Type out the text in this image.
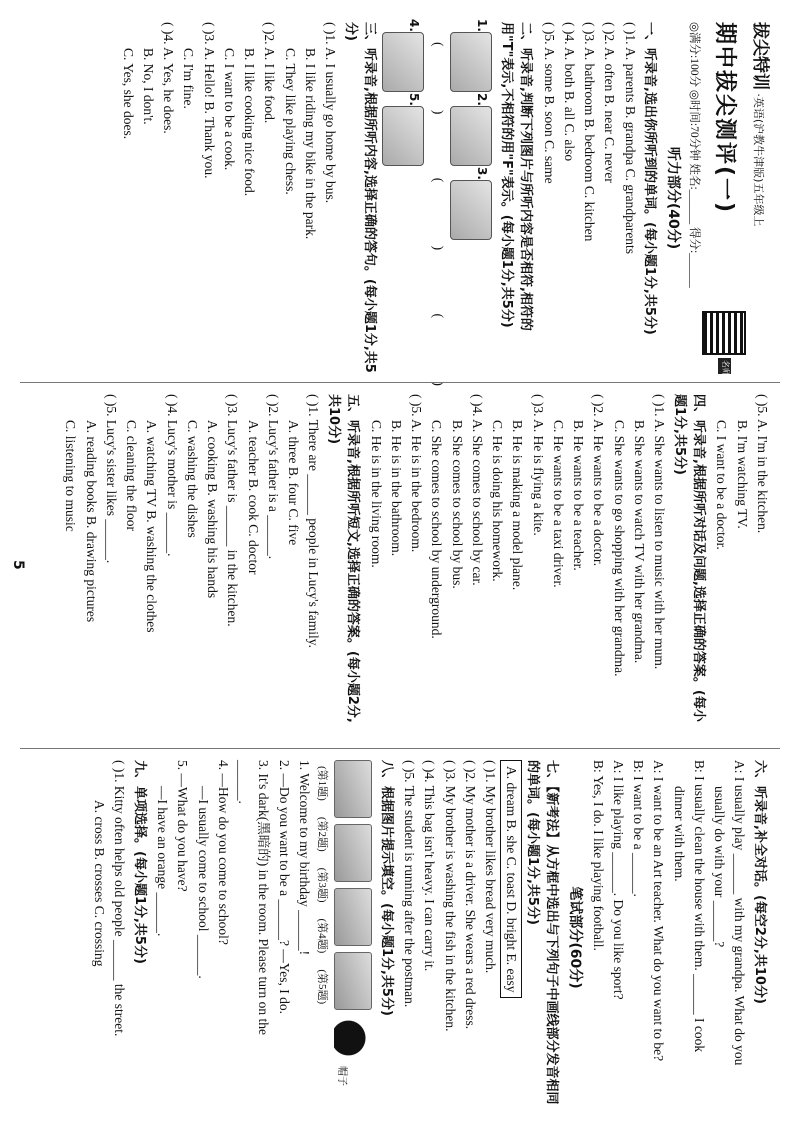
拔尖特训 ·英语(沪教牛津版)五年级上
期中拔尖测评(一)
名师讲解视频
◎满分:100分 ◎时间:70分钟 姓名:______ 得分:______
听力部分(40分)
一、听录音,选出你所听到的单词。(每小题1分,共5分)
( )1. A. parents B. grandpa C. grandparents
( )2. A. often B. near C. never
( )3. A. bathroom B. bedroom C. kitchen
( )4. A. both B. all C. also
( )5. A. some B. soon C. same
二、听录音,判断下列图片与所听内容是否相符,相符的用"T"表示,不相符的用"F"表示。(每小题1分,共5分)
1.
2.
3.
( ) ( ) ( )
4.
5.
三、听录音,根据所听内容,选择正确的答句。(每小题1分,共5分)
( )1. A. I usually go home by bus.
B. I like riding my bike in the park.
C. They like playing chess.
( )2. A. I like food.
B. I like cooking nice food.
C. I want to be a cook.
( )3. A. Hello! B. Thank you.
C. I'm fine.
( )4. A. Yes, he does.
B. No, I don't.
C. Yes, she does.
( )5. A. I'm in the kitchen.
B. I'm watching TV.
C. I want to be a doctor.
四、听录音,根据所听对话及问题,选择正确的答案。(每小题1分,共5分)
( )1. A. She wants to listen to music with her mum.
B. She wants to watch TV with her grandma.
C. She wants to go shopping with her grandma.
( )2. A. He wants to be a doctor.
B. He wants to be a teacher.
C. He wants to be a taxi driver.
( )3. A. He is flying a kite.
B. He is making a model plane.
C. He is doing his homework.
( )4. A. She comes to school by car.
B. She comes to school by bus.
C. She comes to school by underground.
( )5. A. He is in the bedroom.
B. He is in the bathroom.
C. He is in the living room.
五、听录音,根据所听短文,选择正确的答案。(每小题2分,共10分)
( )1. There are ______ people in Lucy's family.
A. three B. four C. five
( )2. Lucy's father is a ______.
A. teacher B. cook C. doctor
( )3. Lucy's father is ______ in the kitchen.
A. cooking B. washing his hands
C. washing the dishes
( )4. Lucy's mother is ______.
A. watching TV B. washing the clothes
C. cleaning the floor
( )5. Lucy's sister likes ______.
A. reading books B. drawing pictures
C. listening to music
六、听录音,补全对话。(每空2分,共10分)
A: I usually play ______ with my grandpa. What do you
usually do with your ______?
B: I usually clean the house with them. ______ I cook
dinner with them.
A: I want to be an Art teacher. What do you want to be?
B: I want to be a ______.
A: I like playing ______. Do you like sport?
B: Yes, I do. I like playing football.
笔试部分(60分)
七、【新考法】从方框中选出与下列句子中画线部分发音相同的单词。(每小题1分,共5分)
A. dream B. she C. toast D. bright E. easy
( )1. My brother likes bread very much.
( )2. My mother is a driver. She wears a red dress.
( )3. My brother is washing the fish in the kitchen.
( )4. This bag isn't heavy. I can carry it.
( )5. The student is running after the postman.
八、根据图片提示填空。(每小题1分,共5分)
帽子
(第1题)
(第2题)
(第3题)
(第4题)
(第5题)
1. Welcome to my birthday ______!
2. —Do you want to be a ______? —Yes, I do.
3. It's dark(黑暗的) in the room. Please turn on the
______.
4. —How do you come to school?
—I usually come to school ______.
5. —What do you have?
—I have an orange ______.
九、单项选择。(每小题1分,共5分)
( )1. Kitty often helps old people ______ the street.
A. cross B. crosses C. crossing
5
